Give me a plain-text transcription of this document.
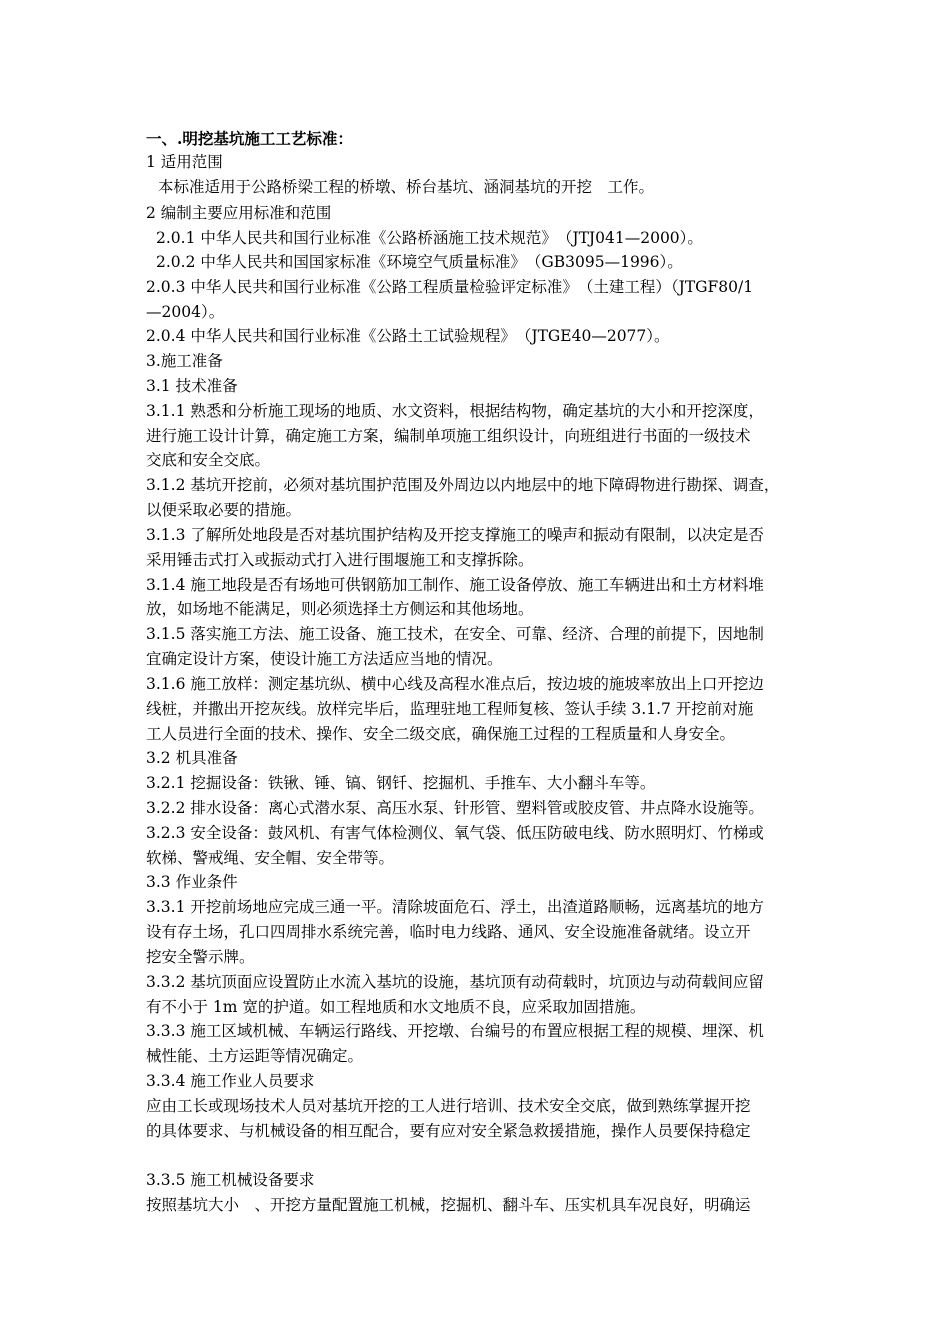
一、.明挖基坑施工工艺标准：
1 适用范围
本标准适用于公路桥梁工程的桥墩、桥台基坑、涵洞基坑的开挖　工作。
2 编制主要应用标准和范围
2.0.1 中华人民共和国行业标准《公路桥涵施工技术规范》　（JTJ041—2000）。
2.0.2 中华人民共和国国家标准《环境空气质量标准》　（GB3095—1996）。
2.0.3 中华人民共和国行业标准《公路工程质量检验评定标准》　（土建工程）（JTGF80/1
—2004）。
2.0.4 中华人民共和国行业标准《公路土工试验规程》　（JTGE40—2077）。
3.施工准备
3.1 技术准备
3.1.1 熟悉和分析施工现场的地质、水文资料，根据结构物，确定基坑的大小和开挖深度，
进行施工设计计算，确定施工方案，编制单项施工组织设计，向班组进行书面的一级技术
交底和安全交底。
3.1.2 基坑开挖前，必须对基坑围护范围及外周边以内地层中的地下障碍物进行勘探、调查，
以便采取必要的措施。
3.1.3 了解所处地段是否对基坑围护结构及开挖支撑施工的噪声和振动有限制，以决定是否
采用锤击式打入或振动式打入进行围堰施工和支撑拆除。
3.1.4 施工地段是否有场地可供钢筋加工制作、施工设备停放、施工车辆进出和土方材料堆
放，如场地不能满足，则必须选择土方侧运和其他场地。
3.1.5 落实施工方法、施工设备、施工技术，在安全、可靠、经济、合理的前提下，因地制
宜确定设计方案，使设计施工方法适应当地的情况。
3.1.6 施工放样：测定基坑纵、横中心线及高程水准点后，按边坡的施坡率放出上口开挖边
线桩，并撒出开挖灰线。放样完毕后，监理驻地工程师复核、签认手续 3.1.7 开挖前对施
工人员进行全面的技术、操作、安全二级交底，确保施工过程的工程质量和人身安全。
3.2 机具准备
3.2.1 挖掘设备：铁锹、锤、镐、钢钎、挖掘机、手推车、大小翻斗车等。
3.2.2 排水设备：离心式潜水泵、高压水泵、针形管、塑料管或胶皮管、井点降水设施等。
3.2.3 安全设备：鼓风机、有害气体检测仪、氧气袋、低压防破电线、防水照明灯、竹梯或
软梯、警戒绳、安全帽、安全带等。
3.3 作业条件
3.3.1 开挖前场地应完成三通一平。清除坡面危石、浮土，出渣道路顺畅，远离基坑的地方
设有存土场，孔口四周排水系统完善，临时电力线路、通风、安全设施准备就绪。设立开
挖安全警示牌。
3.3.2 基坑顶面应设置防止水流入基坑的设施，基坑顶有动荷载时，坑顶边与动荷载间应留
有不小于 1m 宽的护道。如工程地质和水文地质不良，应采取加固措施。
3.3.3 施工区域机械、车辆运行路线、开挖墩、台编号的布置应根据工程的规模、埋深、机
械性能、土方运距等情况确定。
3.3.4 施工作业人员要求
应由工长或现场技术人员对基坑开挖的工人进行培训、技术安全交底，做到熟练掌握开挖
的具体要求、与机械设备的相互配合，要有应对安全紧急救援措施，操作人员要保持稳定
3.3.5 施工机械设备要求
按照基坑大小　、开挖方量配置施工机械，挖掘机、翻斗车、压实机具车况良好，明确运
